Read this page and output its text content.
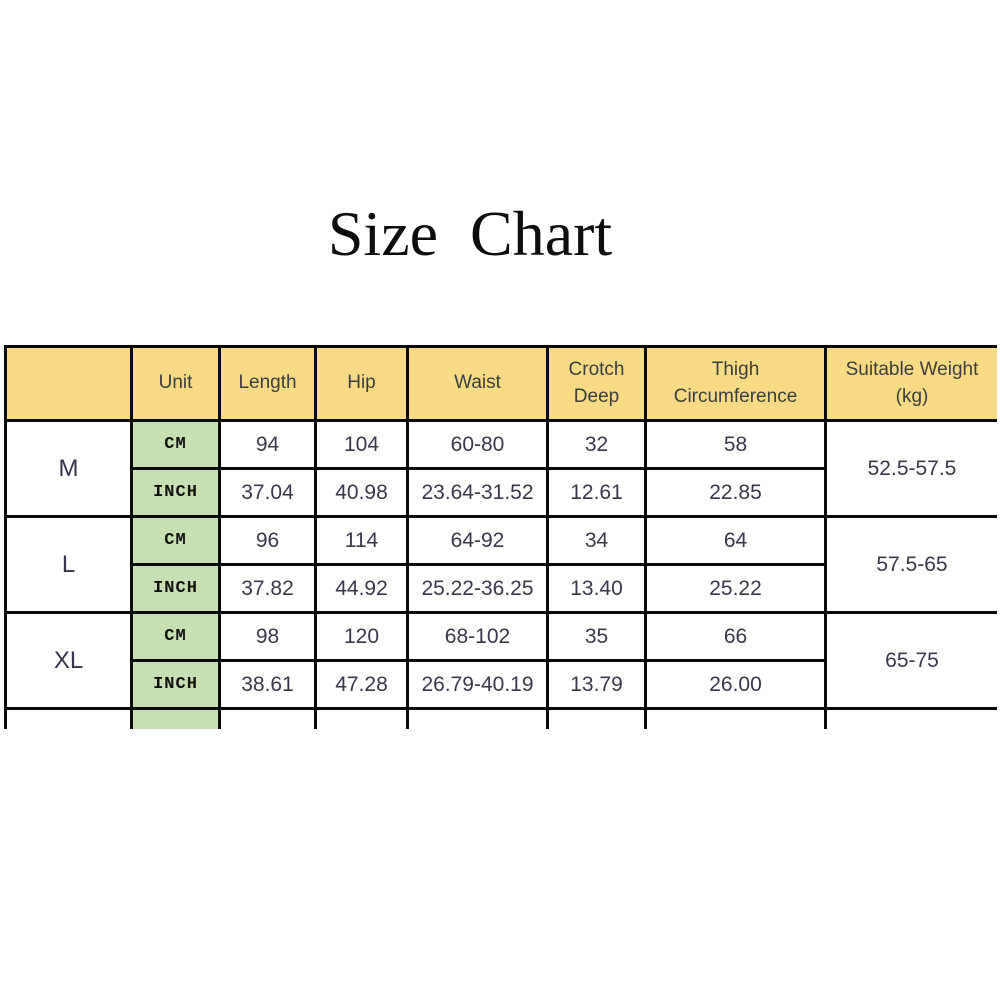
Size  Chart
	Unit	Length	Hip	Waist	Crotch Deep	Thigh Circumference	Suitable Weight (kg)
M	CM	94	104	60-80	32	58	52.5-57.5
	INCH	37.04	40.98	23.64-31.52	12.61	22.85	
L	CM	96	114	64-92	34	64	57.5-65
	INCH	37.82	44.92	25.22-36.25	13.40	25.22	
XL	CM	98	120	68-102	35	66	65-75
	INCH	38.61	47.28	26.79-40.19	13.79	26.00	
